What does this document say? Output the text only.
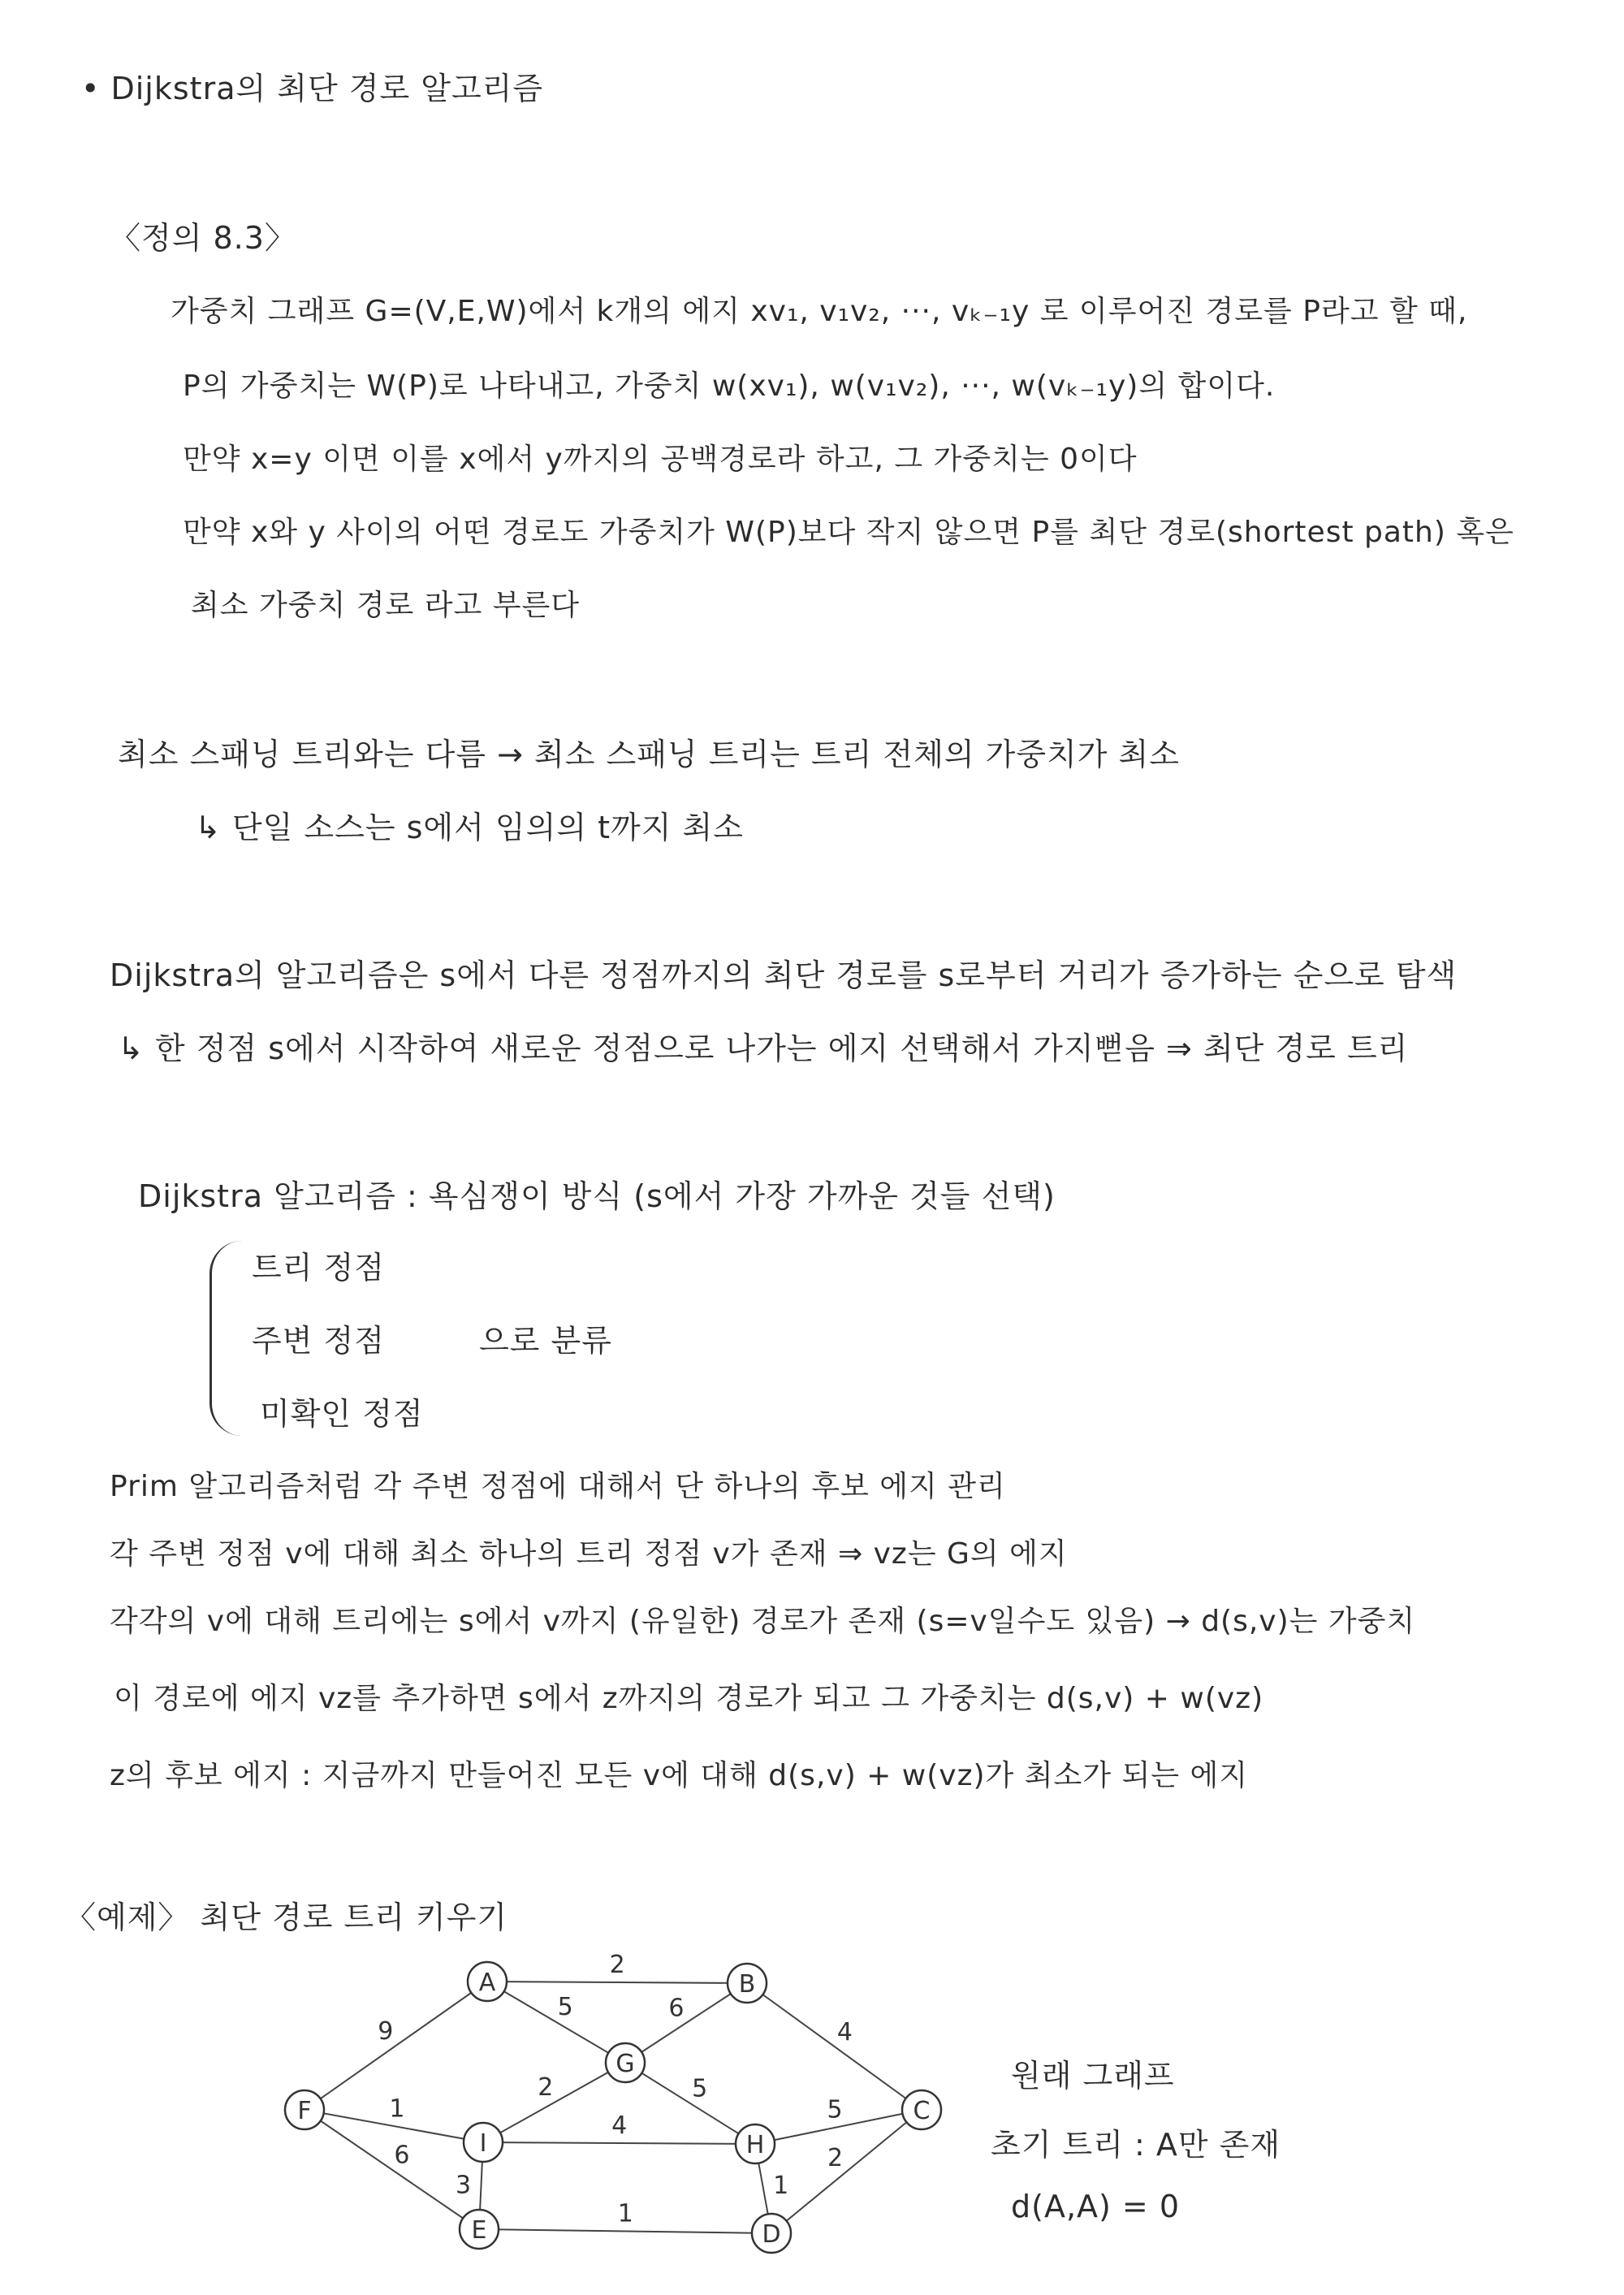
• Dijkstra의 최단 경로 알고리즘
〈정의 8.3〉
가중치 그래프 G=(V,E,W)에서 k개의 에지 xv₁, v₁v₂, ···, vₖ₋₁y 로 이루어진 경로를 P라고 할 때,
P의 가중치는 W(P)로 나타내고, 가중치 w(xv₁), w(v₁v₂), ···, w(vₖ₋₁y)의 합이다.
만약 x=y 이면 이를 x에서 y까지의 공백경로라 하고, 그 가중치는 0이다
만약 x와 y 사이의 어떤 경로도 가중치가 W(P)보다 작지 않으면 P를 최단 경로(shortest path) 혹은
최소 가중치 경로 라고 부른다
최소 스패닝 트리와는 다름 → 최소 스패닝 트리는 트리 전체의 가중치가 최소
↳ 단일 소스는 s에서 임의의 t까지 최소
Dijkstra의 알고리즘은 s에서 다른 정점까지의 최단 경로를 s로부터 거리가 증가하는 순으로 탐색
↳ 한 정점 s에서 시작하여 새로운 정점으로 나가는 에지 선택해서 가지뻗음 ⇒ 최단 경로 트리
Dijkstra 알고리즘 : 욕심쟁이 방식 (s에서 가장 가까운 것들 선택)
트리 정점
주변 정점
미확인 정점
으로 분류
Prim 알고리즘처럼 각 주변 정점에 대해서 단 하나의 후보 에지 관리
각 주변 정점 v에 대해 최소 하나의 트리 정점 v가 존재 ⇒ vz는 G의 에지
각각의 v에 대해 트리에는 s에서 v까지 (유일한) 경로가 존재 (s=v일수도 있음) → d(s,v)는 가중치
이 경로에 에지 vz를 추가하면 s에서 z까지의 경로가 되고 그 가중치는 d(s,v) + w(vz)
z의 후보 에지 : 지금까지 만들어진 모든 v에 대해 d(s,v) + w(vz)가 최소가 되는 에지
〈예제〉 최단 경로 트리 키우기
2
9
5	6
4
2	5
1
6
4
3
5
1
1
2
A	B
C
D
E
F
G
H
I
원래 그래프
초기 트리 : A만 존재
d(A,A) = 0
